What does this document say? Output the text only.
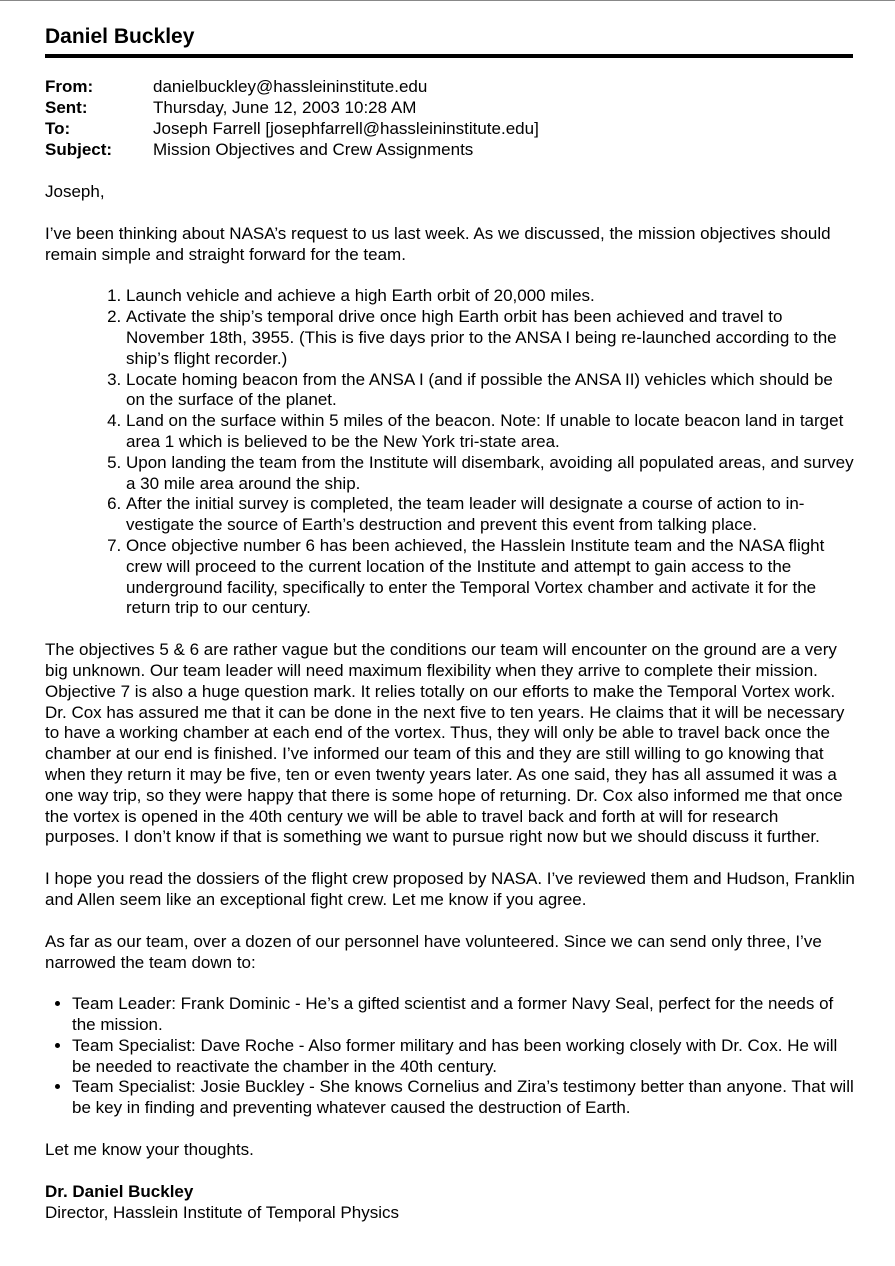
Daniel Buckley
From:	danielbuckley@hassleininstitute.edu
Sent:	Thursday, June 12, 2003 10:28 AM
To:	Joseph Farrell [josephfarrell@hassleininstitute.edu]
Subject:	Mission Objectives and Crew Assignments

Joseph,

I’ve been thinking about NASA’s request to us last week. As we discussed, the mission objectives should remain simple and straight forward for the team.

1. Launch vehicle and achieve a high Earth orbit of 20,000 miles.
2. Activate the ship’s temporal drive once high Earth orbit has been achieved and travel to November 18th, 3955. (This is five days prior to the ANSA I being re-launched according to the ship’s flight recorder.)
3. Locate homing beacon from the ANSA I (and if possible the ANSA II) vehicles which should be on the surface of the planet.
4. Land on the surface within 5 miles of the beacon. Note: If unable to locate beacon land in target area 1 which is believed to be the New York tri-state area.
5. Upon landing the team from the Institute will disembark, avoiding all populated areas, and survey a 30 mile area around the ship.
6. After the initial survey is completed, the team leader will designate a course of action to in-vestigate the source of Earth’s destruction and prevent this event from talking place.
7. Once objective number 6 has been achieved, the Hasslein Institute team and the NASA flight crew will proceed to the current location of the Institute and attempt to gain access to the underground facility, specifically to enter the Temporal Vortex chamber and activate it for the return trip to our century.

The objectives 5 & 6 are rather vague but the conditions our team will encounter on the ground are a very big unknown. Our team leader will need maximum flexibility when they arrive to complete their mission. Objective 7 is also a huge question mark. It relies totally on our efforts to make the Temporal Vortex work. Dr. Cox has assured me that it can be done in the next five to ten years. He claims that it will be necessary to have a working chamber at each end of the vortex. Thus, they will only be able to travel back once the chamber at our end is finished. I’ve informed our team of this and they are still willing to go knowing that when they return it may be five, ten or even twenty years later. As one said, they has all assumed it was a one way trip, so they were happy that there is some hope of returning. Dr. Cox also informed me that once the vortex is opened in the 40th century we will be able to travel back and forth at will for research purposes. I don’t know if that is something we want to pursue right now but we should discuss it further.

I hope you read the dossiers of the flight crew proposed by NASA. I’ve reviewed them and Hudson, Franklin and Allen seem like an exceptional fight crew. Let me know if you agree.

As far as our team, over a dozen of our personnel have volunteered. Since we can send only three, I’ve narrowed the team down to:

• Team Leader: Frank Dominic - He’s a gifted scientist and a former Navy Seal, perfect for the needs of the mission.
• Team Specialist: Dave Roche - Also former military and has been working closely with Dr. Cox. He will be needed to reactivate the chamber in the 40th century.
• Team Specialist: Josie Buckley - She knows Cornelius and Zira’s testimony better than anyone. That will be key in finding and preventing whatever caused the destruction of Earth.

Let me know your thoughts.

Dr. Daniel Buckley

Director, Hasslein Institute of Temporal Physics
